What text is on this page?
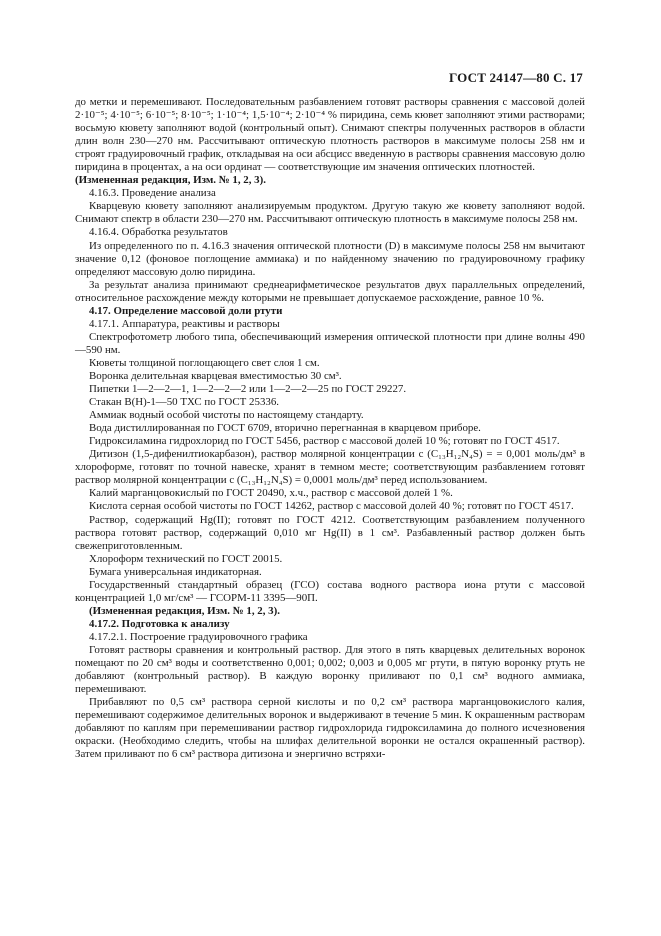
ГОСТ 24147—80 С. 17

до метки и перемешивают. Последовательным разбавлением готовят растворы сравнения с массовой долей 2·10⁻⁵; 4·10⁻⁵; 6·10⁻⁵; 8·10⁻⁵; 1·10⁻⁴; 1,5·10⁻⁴; 2·10⁻⁴ % пиридина, семь кювет заполняют этими растворами; восьмую кювету заполняют водой (контрольный опыт). Снимают спектры полученных растворов в области длин волн 230—270 нм. Рассчитывают оптическую плотность растворов в максимуме полосы 258 нм и строят градуировочный график, откладывая на оси абсцисс введенную в растворы сравнения массовую долю пиридина в процентах, а на оси ординат — соответствующие им значения оптических плотностей.

(Измененная редакция, Изм. № 1, 2, 3).

4.16.3. Проведение анализа

Кварцевую кювету заполняют анализируемым продуктом. Другую такую же кювету заполняют водой. Снимают спектр в области 230—270 нм. Рассчитывают оптическую плотность в максимуме полосы 258 нм.

4.16.4. Обработка результатов

Из определенного по п. 4.16.3 значения оптической плотности (D) в максимуме полосы 258 нм вычитают значение 0,12 (фоновое поглощение аммиака) и по найденному значению по градуировочному графику определяют массовую долю пиридина.

За результат анализа принимают среднеарифметическое результатов двух параллельных определений, относительное расхождение между которыми не превышает допускаемое расхождение, равное 10 %.

4.17. Определение массовой доли ртути

4.17.1. Аппаратура, реактивы и растворы

Спектрофотометр любого типа, обеспечивающий измерения оптической плотности при длине волны 490—590 нм.

Кюветы толщиной поглощающего свет слоя 1 см.

Воронка делительная кварцевая вместимостью 30 см³.

Пипетки 1—2—2—1, 1—2—2—2 или 1—2—2—25 по ГОСТ 29227.

Стакан В(Н)-1—50 ТХС по ГОСТ 25336.

Аммиак водный особой чистоты по настоящему стандарту.

Вода дистиллированная по ГОСТ 6709, вторично перегнанная в кварцевом приборе.

Гидроксиламина гидрохлорид по ГОСТ 5456, раствор с массовой долей 10 %; готовят по ГОСТ 4517.

Дитизон (1,5-дифенилтиокарбазон), раствор молярной концентрации c (C₁₃H₁₂N₄S) = = 0,001 моль/дм³ в хлороформе, готовят по точной навеске, хранят в темном месте; соответствующим разбавлением готовят раствор молярной концентрации c (C₁₃H₁₂N₄S) = 0,0001 моль/дм³ перед использованием.

Калий марганцовокислый по ГОСТ 20490, х.ч., раствор с массовой долей 1 %.

Кислота серная особой чистоты по ГОСТ 14262, раствор с массовой долей 40 %; готовят по ГОСТ 4517.

Раствор, содержащий Hg(II); готовят по ГОСТ 4212. Соответствующим разбавлением полученного раствора готовят раствор, содержащий 0,010 мг Hg(II) в 1 см³. Разбавленный раствор должен быть свежеприготовленным.

Хлороформ технический по ГОСТ 20015.

Бумага универсальная индикаторная.

Государственный стандартный образец (ГСО) состава водного раствора иона ртути с массовой концентрацией 1,0 мг/см³ — ГСОРМ-11 3395—90П.

(Измененная редакция, Изм. № 1, 2, 3).

4.17.2. Подготовка к анализу

4.17.2.1. Построение градуировочного графика

Готовят растворы сравнения и контрольный раствор. Для этого в пять кварцевых делительных воронок помещают по 20 см³ воды и соответственно 0,001; 0,002; 0,003 и 0,005 мг ртути, в пятую воронку ртуть не добавляют (контрольный раствор). В каждую воронку приливают по 0,1 см³ водного аммиака, перемешивают.

Прибавляют по 0,5 см³ раствора серной кислоты и по 0,2 см³ раствора марганцовокислого калия, перемешивают содержимое делительных воронок и выдерживают в течение 5 мин. К окрашенным растворам добавляют по каплям при перемешивании раствор гидрохлорида гидроксиламина до полного исчезновения окраски. (Необходимо следить, чтобы на шлифах делительной воронки не остался окрашенный раствор). Затем приливают по 6 см³ раствора дитизона и энергично встряхи-
